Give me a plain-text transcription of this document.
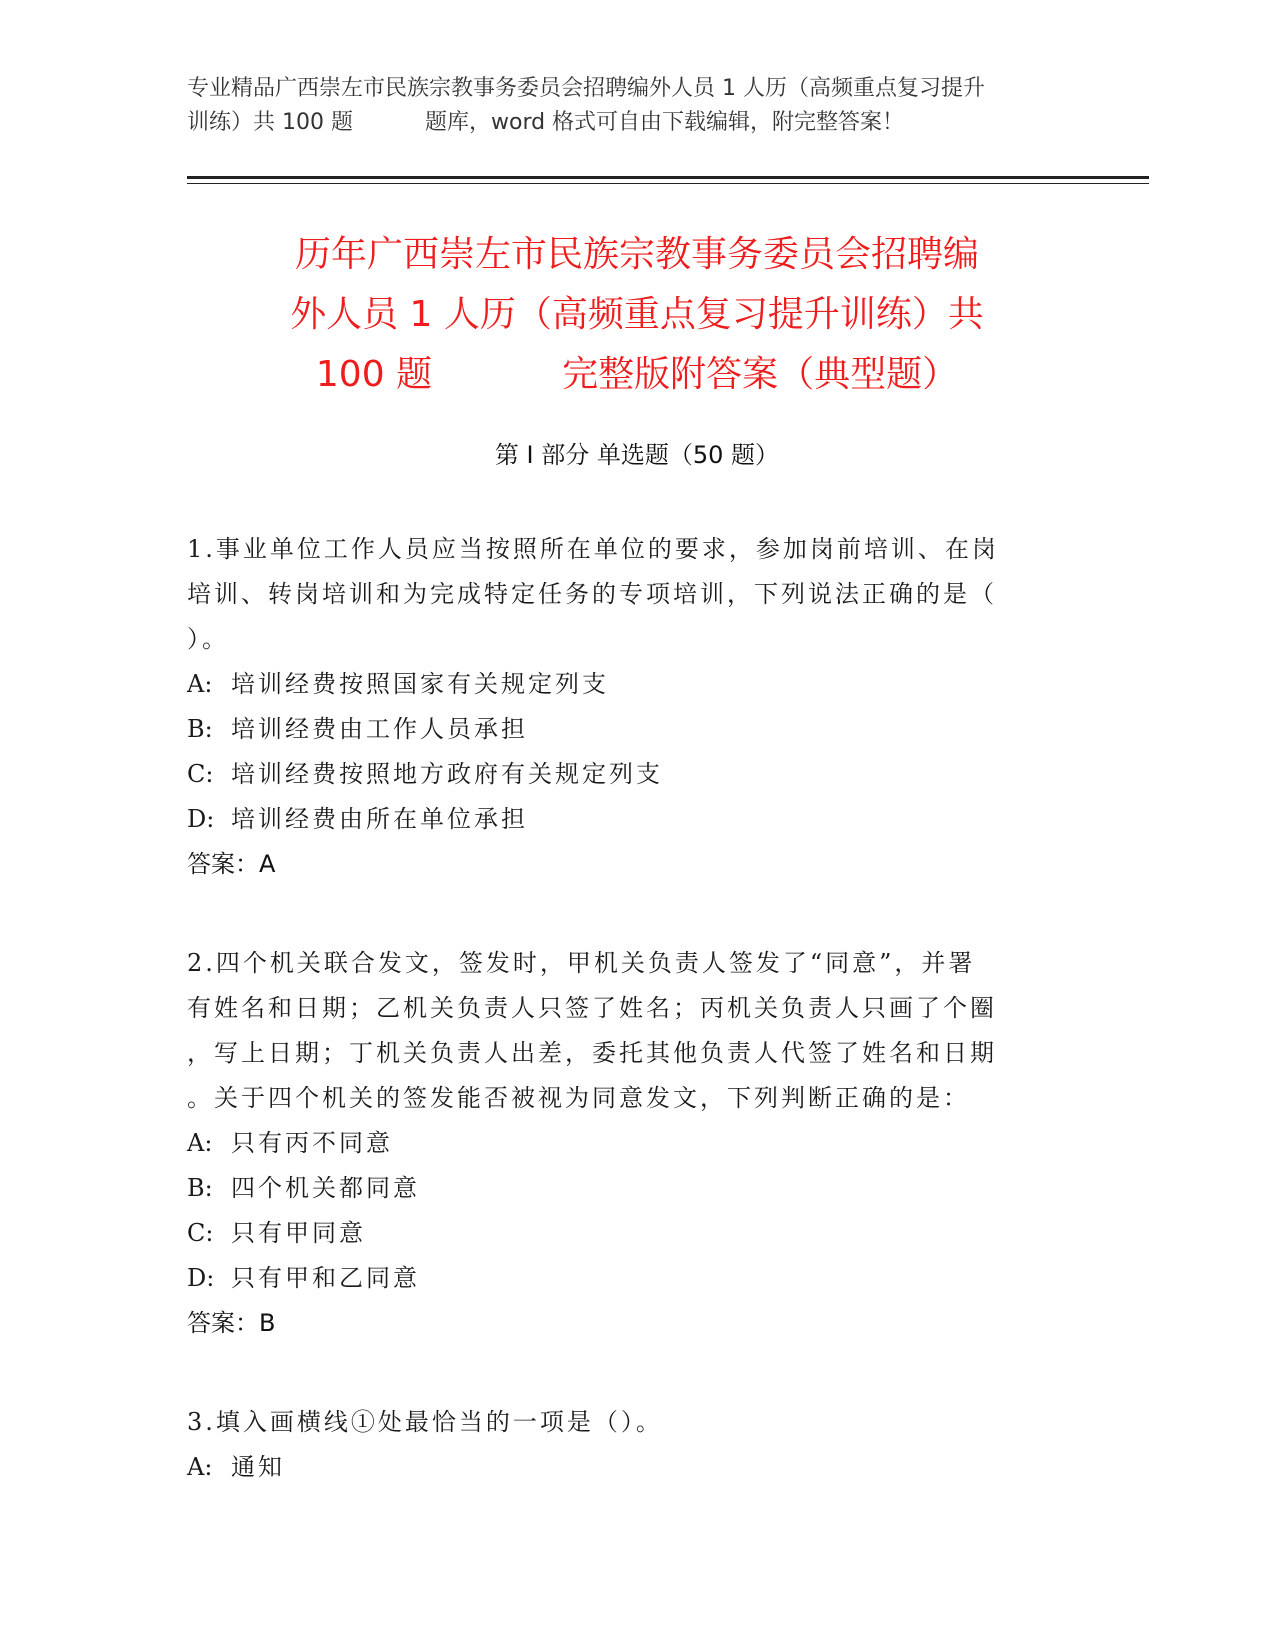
专业精品广西崇左市民族宗教事务委员会招聘编外人员 1 人历（高频重点复习提升
训练）共 100 题	题库，word 格式可自由下载编辑，附完整答案！
历年广西崇左市民族宗教事务委员会招聘编
外人员 1 人历（高频重点复习提升训练）共
100 题	完整版附答案（典型题）
第 I 部分 单选题（50 题）

1.事业单位工作人员应当按照所在单位的要求，参加岗前培训、在岗
培训、转岗培训和为完成特定任务的专项培训，下列说法正确的是（
）。

A: 培训经费按照国家有关规定列支
B: 培训经费由工作人员承担
C: 培训经费按照地方政府有关规定列支
D: 培训经费由所在单位承担
答案：A

2.四个机关联合发文，签发时，甲机关负责人签发了“同意”，并署
有姓名和日期；乙机关负责人只签了姓名；丙机关负责人只画了个圈
，写上日期；丁机关负责人出差，委托其他负责人代签了姓名和日期
。关于四个机关的签发能否被视为同意发文，下列判断正确的是：

A: 只有丙不同意
B: 四个机关都同意
C: 只有甲同意
D: 只有甲和乙同意
答案：B

3.填入画横线①处最恰当的一项是（）。

A: 通知
